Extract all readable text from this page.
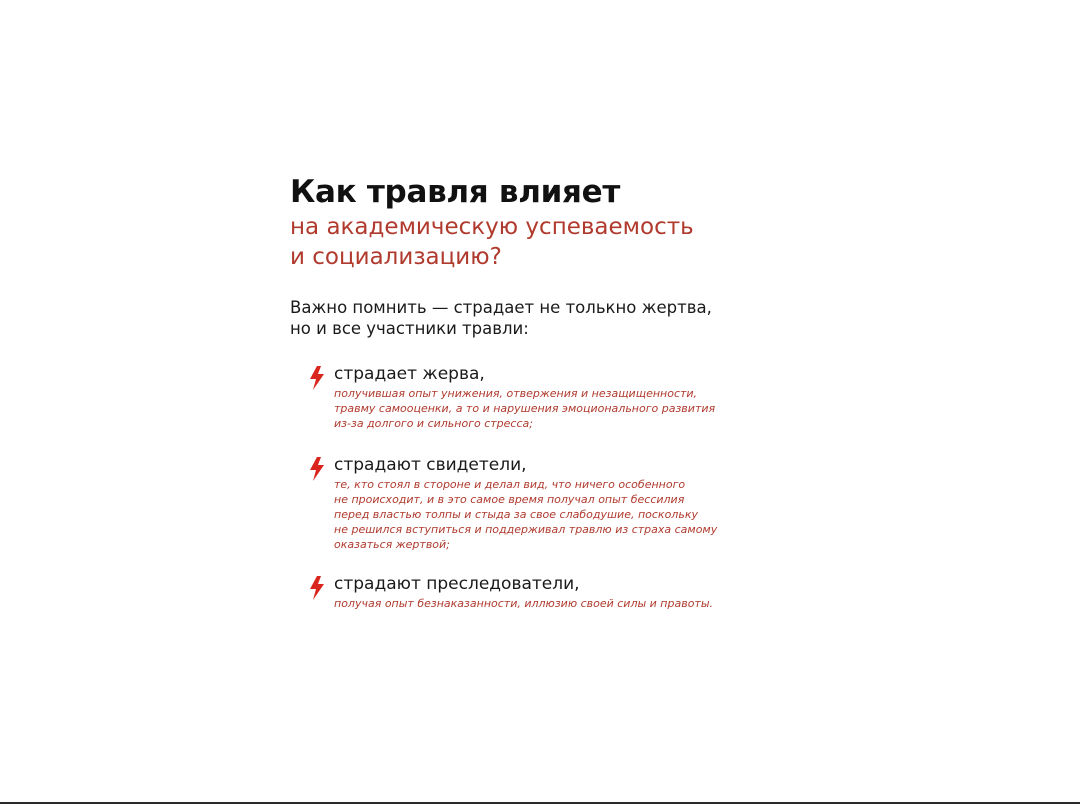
Как травля влияет
на академическую успеваемость
и социализацию?
Важно помнить — страдает не толькно жертва,
но и все участники травли:
страдает жерва,
получившая опыт унижения, отвержения и незащищенности,
травму самооценки, а то и нарушения эмоционального развития
из-за долгого и сильного стресса;
страдают свидетели,
те, кто стоял в стороне и делал вид, что ничего особенного
не происходит, и в это самое время получал опыт бессилия
перед властью толпы и стыда за свое слабодушие, поскольку
не решился вступиться и поддерживал травлю из страха самому
оказаться жертвой;
страдают преследователи,
получая опыт безнаказанности, иллюзию своей силы и правоты.
